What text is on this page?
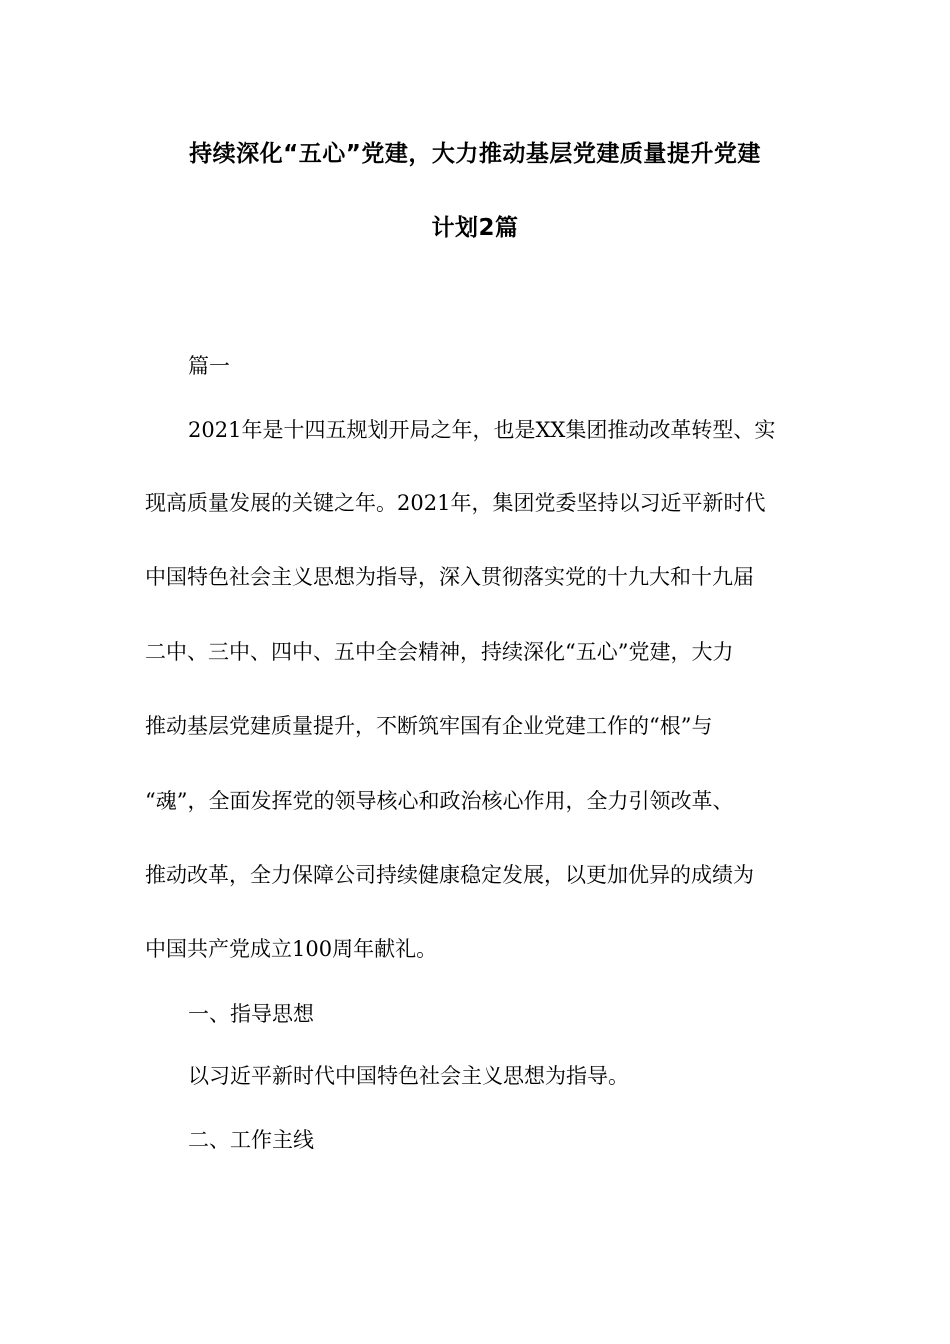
持续深化“五心”党建，大力推动基层党建质量提升党建
计划2篇
篇一
2021年是十四五规划开局之年，也是XX集团推动改革转型、实
现高质量发展的关键之年。2021年，集团党委坚持以习近平新时代
中国特色社会主义思想为指导，深入贯彻落实党的十九大和十九届
二中、三中、四中、五中全会精神，持续深化“五心”党建，大力
推动基层党建质量提升，不断筑牢国有企业党建工作的“根”与
“魂”，全面发挥党的领导核心和政治核心作用，全力引领改革、
推动改革，全力保障公司持续健康稳定发展，以更加优异的成绩为
中国共产党成立100周年献礼。
一、指导思想
以习近平新时代中国特色社会主义思想为指导。
二、工作主线
